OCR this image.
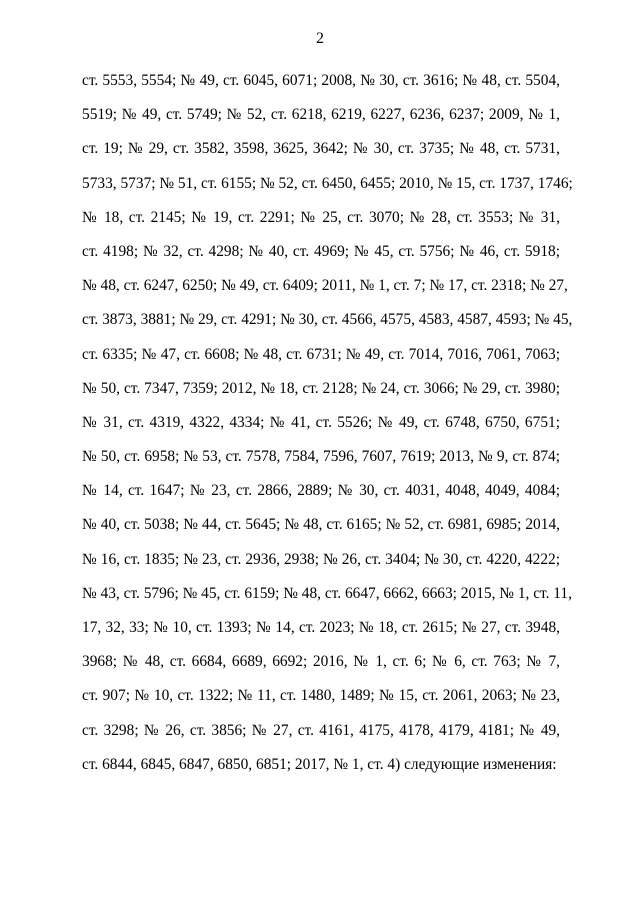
2
ст. 5553, 5554; № 49, ст. 6045, 6071; 2008, № 30, ст. 3616; № 48, ст. 5504,
5519; № 49, ст. 5749; № 52, ст. 6218, 6219, 6227, 6236, 6237; 2009, № 1,
ст. 19; № 29, ст. 3582, 3598, 3625, 3642; № 30, ст. 3735; № 48, ст. 5731,
5733, 5737; № 51, ст. 6155; № 52, ст. 6450, 6455; 2010, № 15, ст. 1737, 1746;
№ 18, ст. 2145; № 19, ст. 2291; № 25, ст. 3070; № 28, ст. 3553; № 31,
ст. 4198; № 32, ст. 4298; № 40, ст. 4969; № 45, ст. 5756; № 46, ст. 5918;
№ 48, ст. 6247, 6250; № 49, ст. 6409; 2011, № 1, ст. 7; № 17, ст. 2318; № 27,
ст. 3873, 3881; № 29, ст. 4291; № 30, ст. 4566, 4575, 4583, 4587, 4593; № 45,
ст. 6335; № 47, ст. 6608; № 48, ст. 6731; № 49, ст. 7014, 7016, 7061, 7063;
№ 50, ст. 7347, 7359; 2012, № 18, ст. 2128; № 24, ст. 3066; № 29, ст. 3980;
№ 31, ст. 4319, 4322, 4334; № 41, ст. 5526; № 49, ст. 6748, 6750, 6751;
№ 50, ст. 6958; № 53, ст. 7578, 7584, 7596, 7607, 7619; 2013, № 9, ст. 874;
№ 14, ст. 1647; № 23, ст. 2866, 2889; № 30, ст. 4031, 4048, 4049, 4084;
№ 40, ст. 5038; № 44, ст. 5645; № 48, ст. 6165; № 52, ст. 6981, 6985; 2014,
№ 16, ст. 1835; № 23, ст. 2936, 2938; № 26, ст. 3404; № 30, ст. 4220, 4222;
№ 43, ст. 5796; № 45, ст. 6159; № 48, ст. 6647, 6662, 6663; 2015, № 1, ст. 11,
17, 32, 33; № 10, ст. 1393; № 14, ст. 2023; № 18, ст. 2615; № 27, ст. 3948,
3968; № 48, ст. 6684, 6689, 6692; 2016, № 1, ст. 6; № 6, ст. 763; № 7,
ст. 907; № 10, ст. 1322; № 11, ст. 1480, 1489; № 15, ст. 2061, 2063; № 23,
ст. 3298; № 26, ст. 3856; № 27, ст. 4161, 4175, 4178, 4179, 4181; № 49,
ст. 6844, 6845, 6847, 6850, 6851; 2017, № 1, ст. 4) следующие изменения:
